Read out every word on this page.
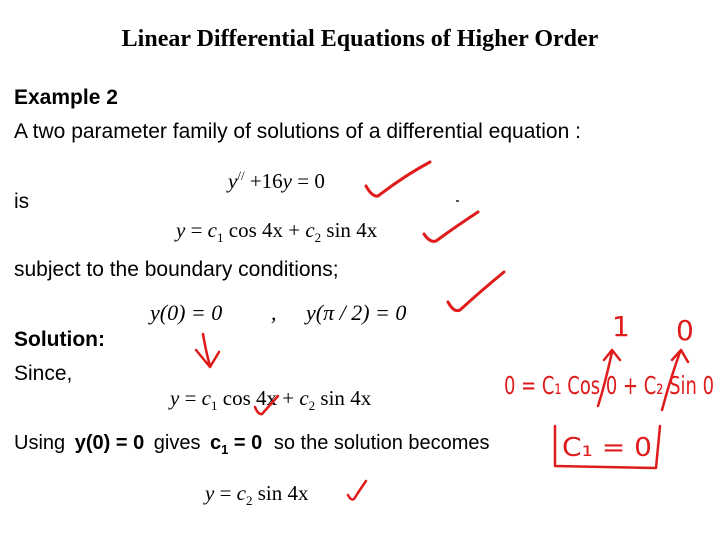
Linear Differential Equations of Higher Order
Example 2
A two parameter family of solutions of a differential equation :
y// +16y = 0
is
$y = c_1$ $\cos 4x + c_2$ sin 4x
subject to the boundary conditions;
y(0) = 0 , y(π / 2) = 0
Solution:
Since,
$y = c_1$ $\cos 4x + c_2$ sin 4x
Using y(0) = 0 gives $c_1 = 0$ so the solution becomes
$y = c_2$ sin 4x
1 0
0 = C₁ Cos 0 + C₂ Sin 0
C₁ = 0
